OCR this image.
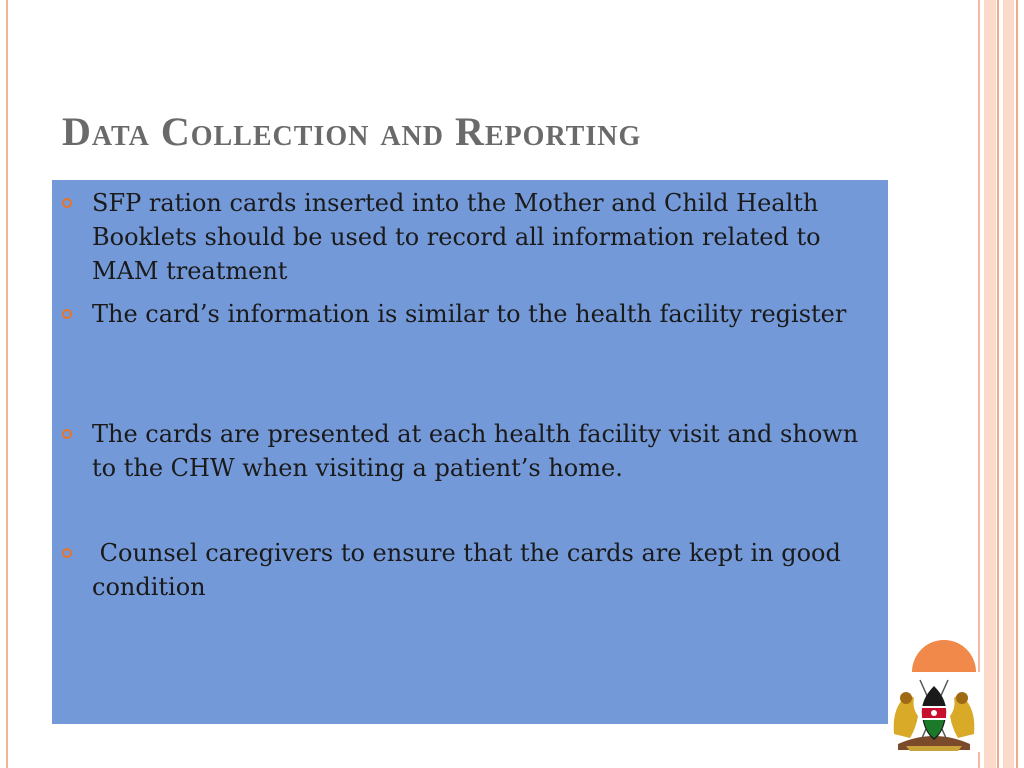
Data Collection and Reporting

SFP ration cards inserted into the Mother and Child Health Booklets should be used to record all information related to MAM treatment

The card’s information is similar to the health facility register

The cards are presented at each health facility visit and shown to the CHW when visiting a patient’s home.

Counsel caregivers to ensure that the cards are kept in good condition
